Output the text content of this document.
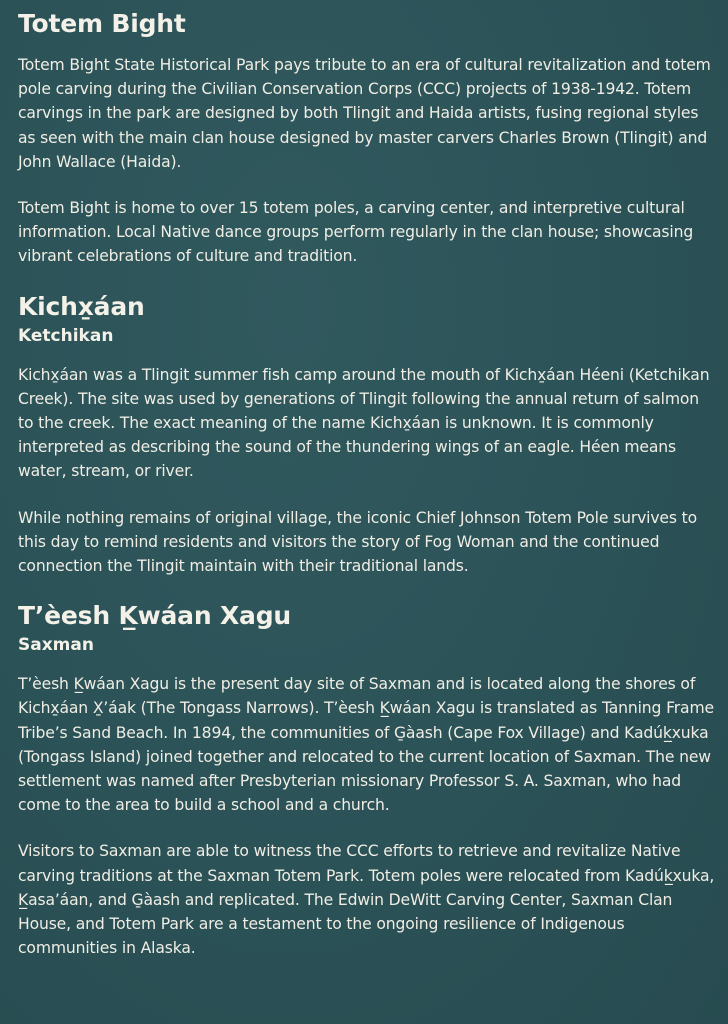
Totem Bight

Totem Bight State Historical Park pays tribute to an era of cultural revitalization and totem pole carving during the Civilian Conservation Corps (CCC) projects of 1938-1942. Totem carvings in the park are designed by both Tlingit and Haida artists, fusing regional styles as seen with the main clan house designed by master carvers Charles Brown (Tlingit) and John Wallace (Haida).

Totem Bight is home to over 15 totem poles, a carving center, and interpretive cultural information. Local Native dance groups perform regularly in the clan house; showcasing vibrant celebrations of culture and tradition.

Kichx̱áan
Ketchikan

Kichx̱áan was a Tlingit summer fish camp around the mouth of Kichx̱áan Héeni (Ketchikan Creek). The site was used by generations of Tlingit following the annual return of salmon to the creek. The exact meaning of the name Kichx̱áan is unknown. It is commonly interpreted as describing the sound of the thundering wings of an eagle. Héen means water, stream, or river.

While nothing remains of original village, the iconic Chief Johnson Totem Pole survives to this day to remind residents and visitors the story of Fog Woman and the continued connection the Tlingit maintain with their traditional lands.

T’èesh K̲wáan Xagu
Saxman

T’èesh K̲wáan Xagu is the present day site of Saxman and is located along the shores of Kichx̱áan X̱’áak (The Tongass Narrows). T’èesh K̲wáan Xagu is translated as Tanning Frame Tribe’s Sand Beach. In 1894, the communities of G̱àash (Cape Fox Village) and Kadúk̲xuka (Tongass Island) joined together and relocated to the current location of Saxman. The new settlement was named after Presbyterian missionary Professor S. A. Saxman, who had come to the area to build a school and a church.

Visitors to Saxman are able to witness the CCC efforts to retrieve and revitalize Native carving traditions at the Saxman Totem Park. Totem poles were relocated from Kadúk̲xuka, K̲asa’áan, and G̱àash and replicated. The Edwin DeWitt Carving Center, Saxman Clan House, and Totem Park are a testament to the ongoing resilience of Indigenous communities in Alaska.
